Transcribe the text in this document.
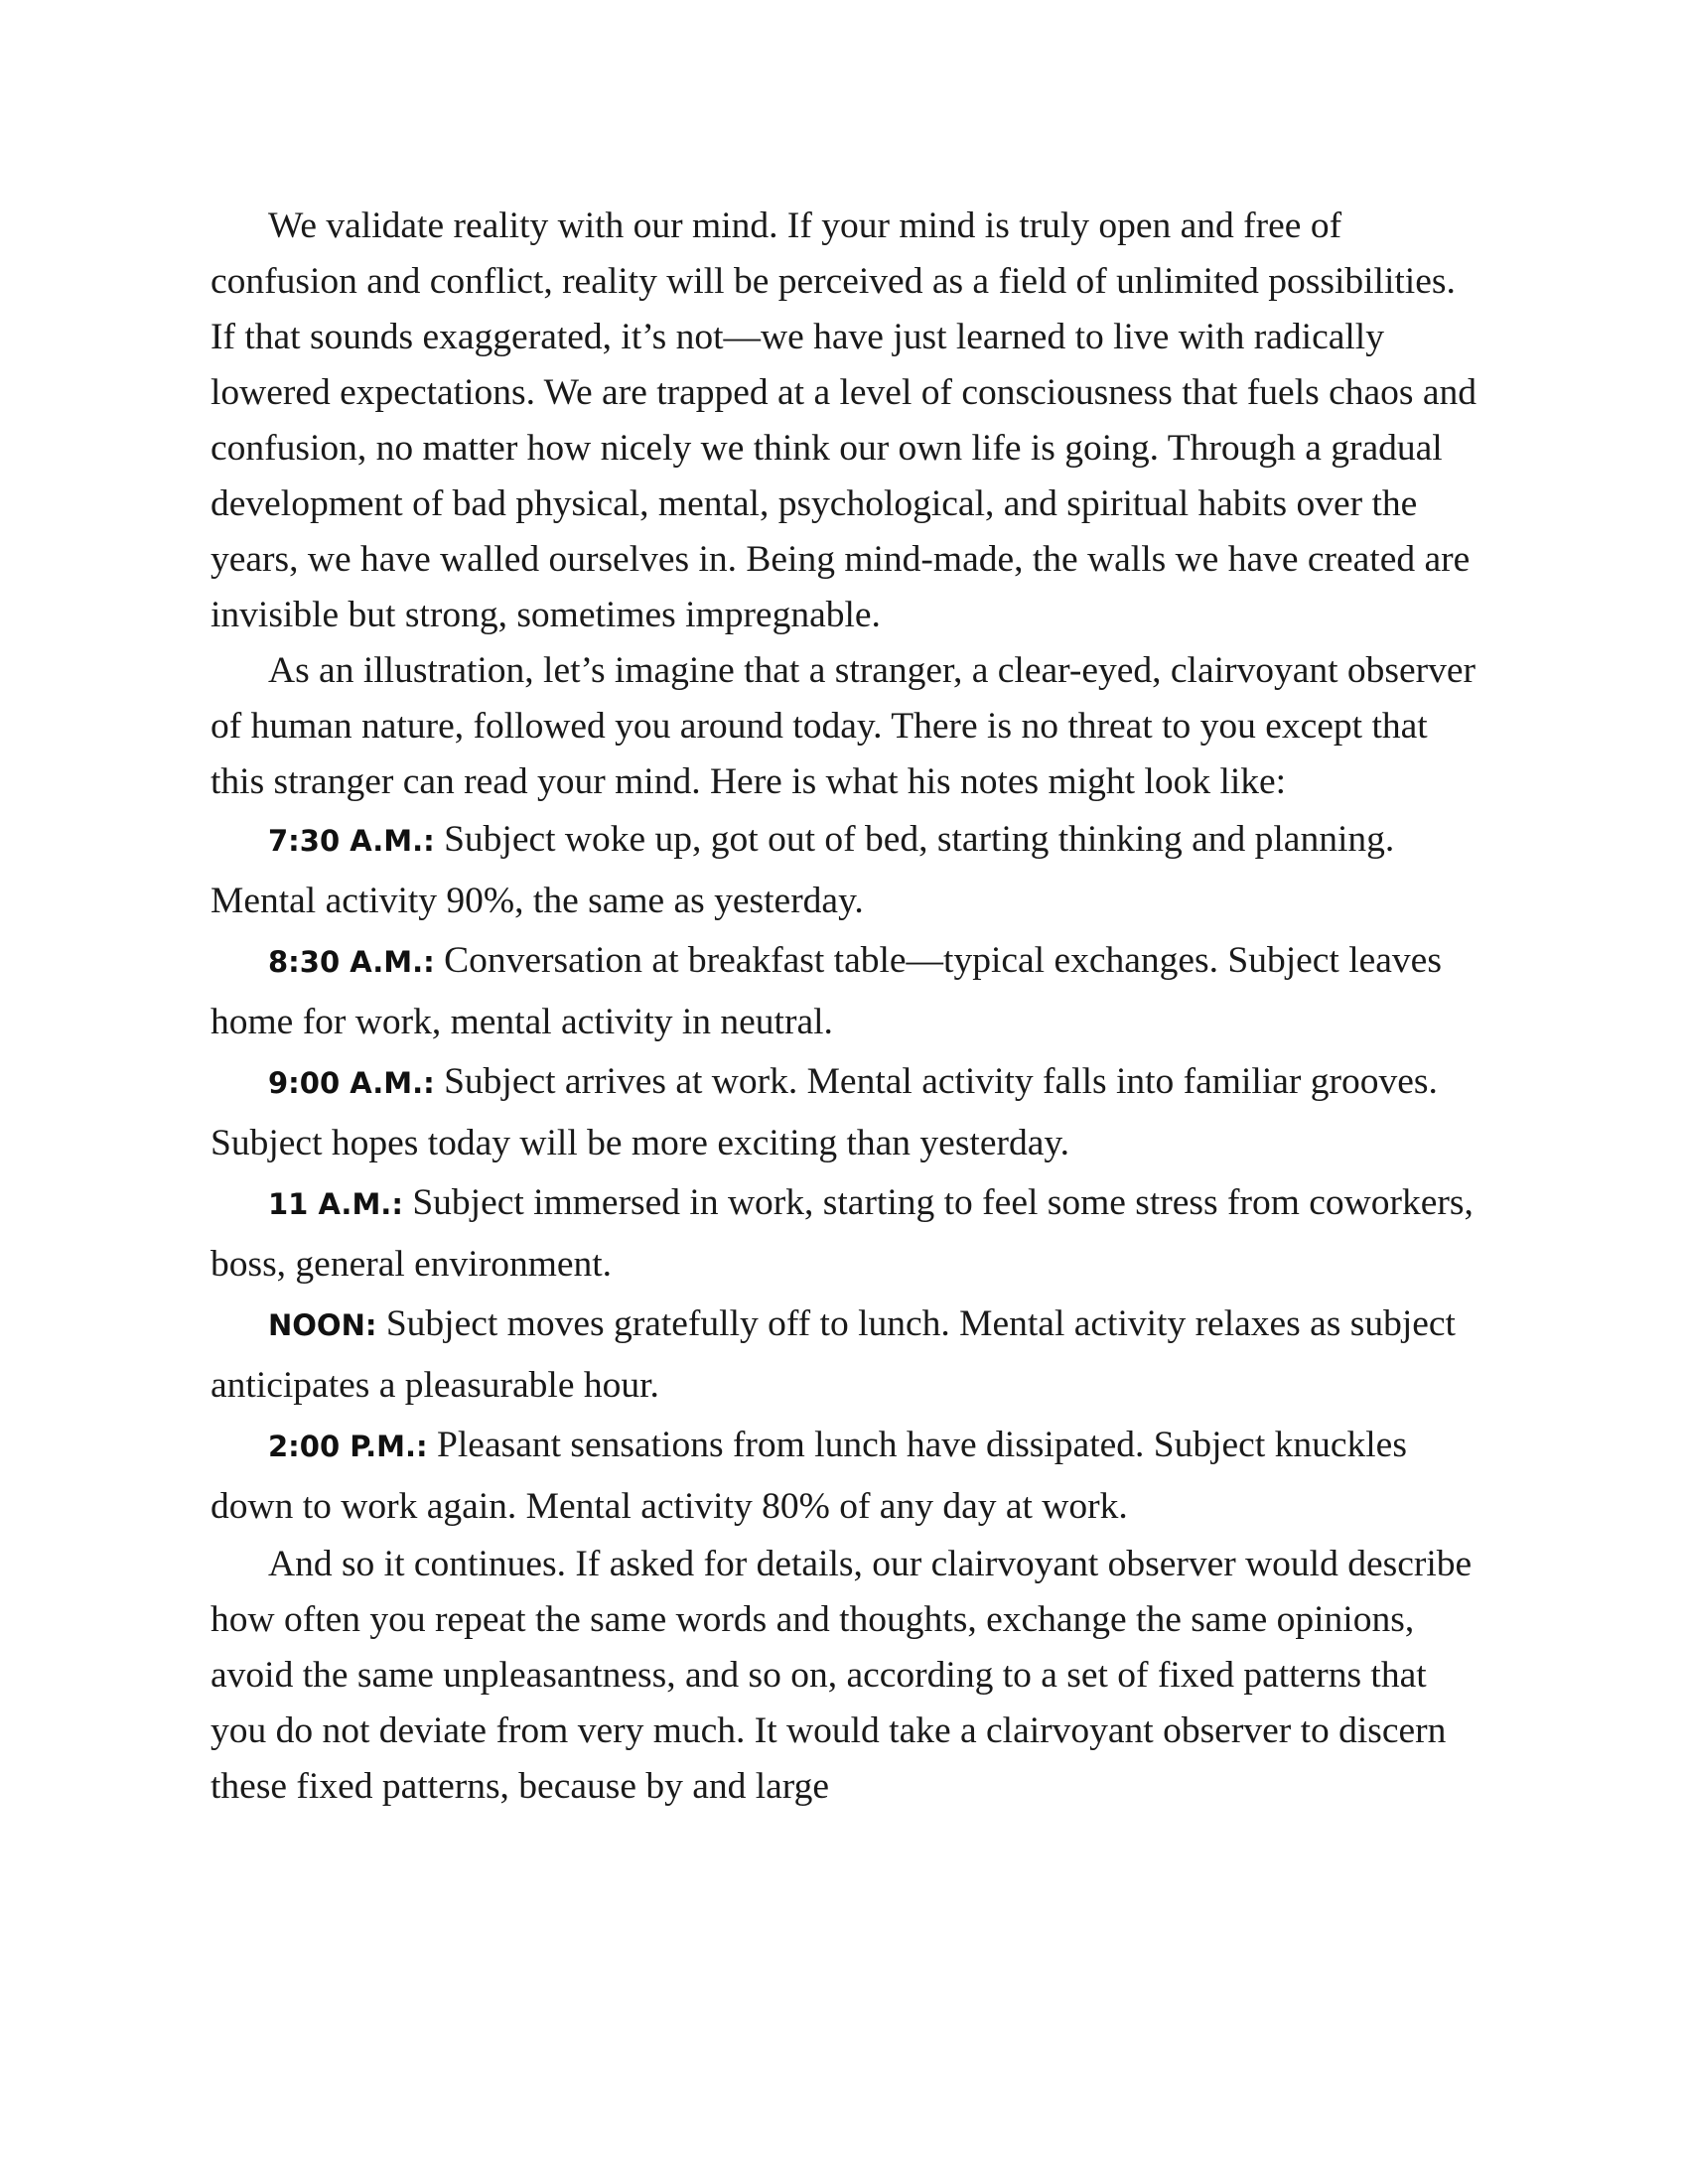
We validate reality with our mind. If your mind is truly open and free of confusion and conflict, reality will be perceived as a field of unlimited possibilities. If that sounds exaggerated, it’s not—we have just learned to live with radically lowered expectations. We are trapped at a level of consciousness that fuels chaos and confusion, no matter how nicely we think our own life is going. Through a gradual development of bad physical, mental, psychological, and spiritual habits over the years, we have walled ourselves in. Being mind-made, the walls we have created are invisible but strong, sometimes impregnable.

As an illustration, let’s imagine that a stranger, a clear-eyed, clairvoyant observer of human nature, followed you around today. There is no threat to you except that this stranger can read your mind. Here is what his notes might look like:

7:30 A.M.: Subject woke up, got out of bed, starting thinking and planning. Mental activity 90%, the same as yesterday.

8:30 A.M.: Conversation at breakfast table—typical exchanges. Subject leaves home for work, mental activity in neutral.

9:00 A.M.: Subject arrives at work. Mental activity falls into familiar grooves. Subject hopes today will be more exciting than yesterday.

11 A.M.: Subject immersed in work, starting to feel some stress from coworkers, boss, general environment.

NOON: Subject moves gratefully off to lunch. Mental activity relaxes as subject anticipates a pleasurable hour.

2:00 P.M.: Pleasant sensations from lunch have dissipated. Subject knuckles down to work again. Mental activity 80% of any day at work.

And so it continues. If asked for details, our clairvoyant observer would describe how often you repeat the same words and thoughts, exchange the same opinions, avoid the same unpleasantness, and so on, according to a set of fixed patterns that you do not deviate from very much. It would take a clairvoyant observer to discern these fixed patterns, because by and large
